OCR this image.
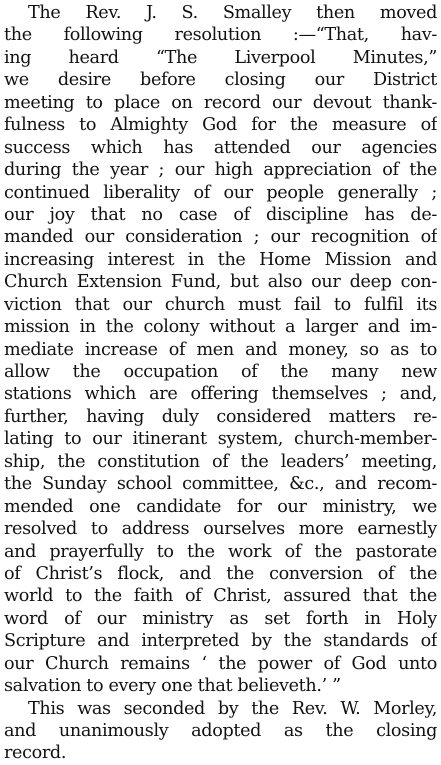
The Rev. J. S. Smalley then moved
the following resolution :—“That, hav-
ing heard “The Liverpool Minutes,”
we desire before closing our District
meeting to place on record our devout thank-
fulness to Almighty God for the measure of
success which has attended our agencies
during the year ; our high appreciation of the
continued liberality of our people generally ;
our joy that no case of discipline has de-
manded our consideration ; our recognition of
increasing interest in the Home Mission and
Church Extension Fund, but also our deep con-
viction that our church must fail to fulfil its
mission in the colony without a larger and im-
mediate increase of men and money, so as to
allow the occupation of the many new
stations which are offering themselves ; and,
further, having duly considered matters re-
lating to our itinerant system, church-member-
ship, the constitution of the leaders’ meeting,
the Sunday school committee, &c., and recom-
mended one candidate for our ministry, we
resolved to address ourselves more earnestly
and prayerfully to the work of the pastorate
of Christ’s flock, and the conversion of the
world to the faith of Christ, assured that the
word of our ministry as set forth in Holy
Scripture and interpreted by the standards of
our Church remains ‘ the power of God unto
salvation to every one that believeth.’ ”
This was seconded by the Rev. W. Morley,
and unanimously adopted as the closing
record.
